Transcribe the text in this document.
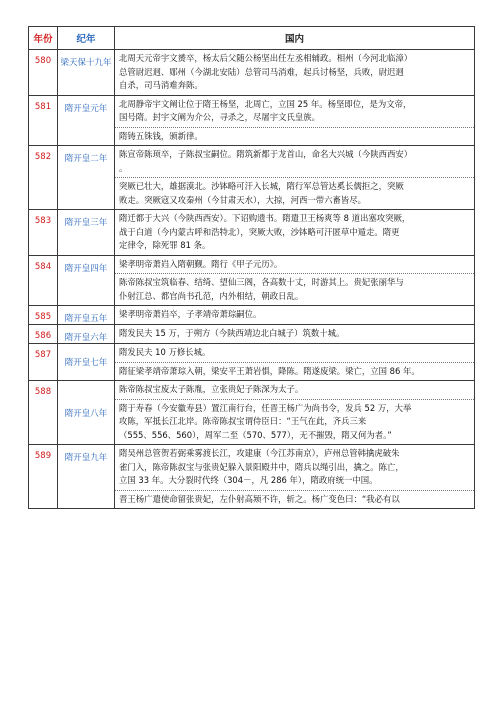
年份	纪年	国内
580	梁天保十九年	北周天元帝宇文赟卒，杨太后父随公杨坚出任左丞相辅政。相州（今河北临漳）
总管尉迟迥、郧州（今湖北安陆）总管司马消难，起兵讨杨坚，兵败，尉迟迥
自杀，司马消难奔陈。

581	隋开皇元年	北周静帝宇文阐让位于隋王杨坚，北周亡，立国 25 年。杨坚即位，是为文帝，
国号隋。封宇文阐为介公，寻杀之，尽屠宇文氏皇族。
隋铸五铢钱，颁新律。

582	隋开皇二年	陈宣帝陈顼卒，子陈叔宝嗣位。隋筑新都于龙首山，命名大兴城（今陕西西安）
。
突厥已壮大，雄据漠北。沙钵略可汗入长城，隋行军总管达奚长儒拒之，突厥
败走。突厥寇又攻秦州（今甘肃天水），大掠，河西一带六畜皆尽。

583	隋开皇三年	隋迁都于大兴（今陕西西安）。下诏购遗书。隋遣卫王杨爽等 8 道出塞攻突厥，
战于白道（今内蒙古呼和浩特北），突厥大败，沙钵略可汗匿草中遁走。隋更
定律令，除死罪 81 条。

584	隋开皇四年	梁孝明帝萧岿入隋朝觐。隋行《甲子元历》。
陈帝陈叔宝筑临春、结绮、望仙三阁，各高数十丈，时游其上。贵妃张丽华与
仆射江总、都官尚书孔范，内外相结，朝政日乱。

585	隋开皇五年	梁孝明帝萧岿卒，子孝靖帝萧琮嗣位。

586	隋开皇六年	隋发民夫 15 万，于朔方（今陕西靖边北白城子）筑数十城。

587	隋开皇七年	隋发民夫 10 万修长城。
隋征梁孝靖帝萧琮入朝，梁安平王萧岩惧，降陈。隋遂废梁。梁亡，立国 86 年。

588	隋开皇八年	陈帝陈叔宝废太子陈胤，立张贵妃子陈深为太子。
隋于寿春（今安徽寿县）置江南行台，任晋王杨广为尚书令，发兵 52 万，大举
攻陈，军抵长江北岸。陈帝陈叔宝谓侍臣曰：“王气在此，齐兵三来
（555、556、560），周军二至（570、577），无不摧毁，隋又何为者。”

589	隋开皇九年	隋吴州总管贺若弼乘雾渡长江，攻建康（今江苏南京），庐州总管韩擒虎破朱
雀门入，陈帝陈叔宝与张贵妃躲入景阳殿井中，隋兵以绳引出，擒之。陈亡，
立国 33 年。大分裂时代终（304－，凡 286 年），隋政府统一中国。
晋王杨广遣使命留张贵妃，左仆射高颎不许，斩之。杨广变色曰：“我必有以
